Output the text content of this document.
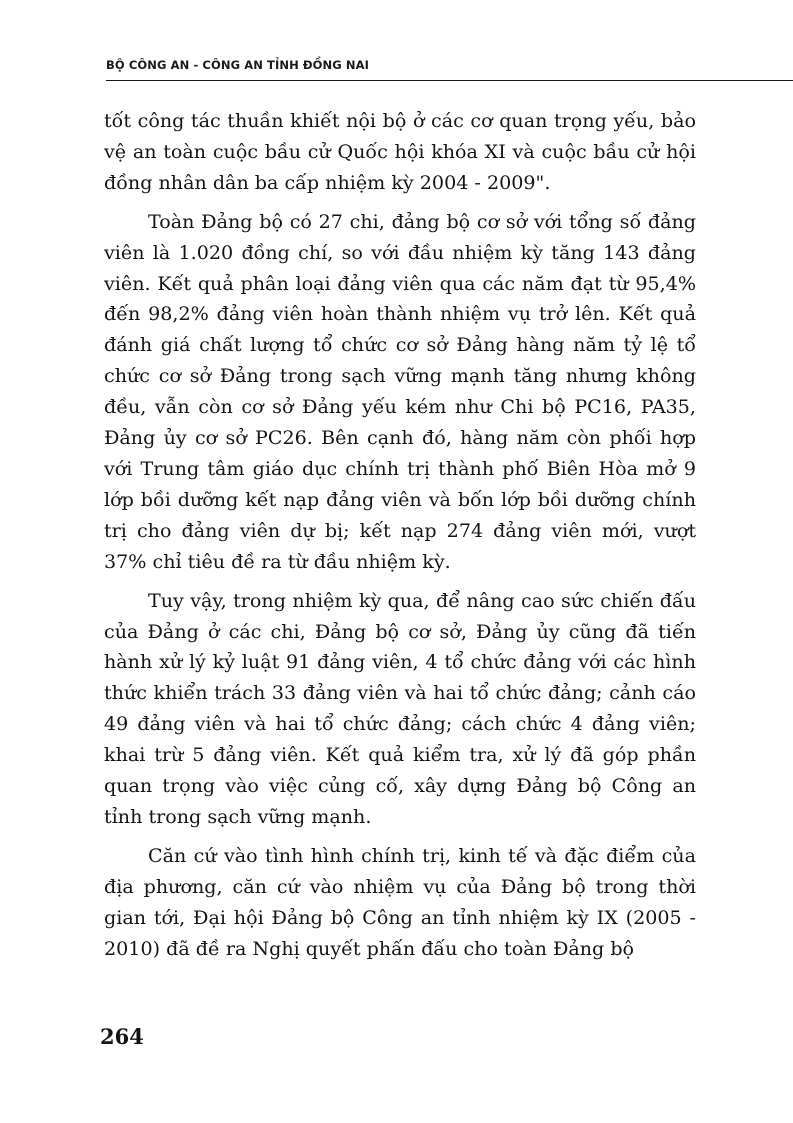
BỘ CÔNG AN - CÔNG AN TỈNH ĐỒNG NAI

tốt công tác thuần khiết nội bộ ở các cơ quan trọng yếu, bảo vệ an toàn cuộc bầu cử Quốc hội khóa XI và cuộc bầu cử hội đồng nhân dân ba cấp nhiệm kỳ 2004 - 2009".

Toàn Đảng bộ có 27 chi, đảng bộ cơ sở với tổng số đảng viên là 1.020 đồng chí, so với đầu nhiệm kỳ tăng 143 đảng viên. Kết quả phân loại đảng viên qua các năm đạt từ 95,4% đến 98,2% đảng viên hoàn thành nhiệm vụ trở lên. Kết quả đánh giá chất lượng tổ chức cơ sở Đảng hàng năm tỷ lệ tổ chức cơ sở Đảng trong sạch vững mạnh tăng nhưng không đều, vẫn còn cơ sở Đảng yếu kém như Chi bộ PC16, PA35, Đảng ủy cơ sở PC26. Bên cạnh đó, hàng năm còn phối hợp với Trung tâm giáo dục chính trị thành phố Biên Hòa mở 9 lớp bồi dưỡng kết nạp đảng viên và bốn lớp bồi dưỡng chính trị cho đảng viên dự bị; kết nạp 274 đảng viên mới, vượt 37% chỉ tiêu đề ra từ đầu nhiệm kỳ.

Tuy vậy, trong nhiệm kỳ qua, để nâng cao sức chiến đấu của Đảng ở các chi, Đảng bộ cơ sở, Đảng ủy cũng đã tiến hành xử lý kỷ luật 91 đảng viên, 4 tổ chức đảng với các hình thức khiển trách 33 đảng viên và hai tổ chức đảng; cảnh cáo 49 đảng viên và hai tổ chức đảng; cách chức 4 đảng viên; khai trừ 5 đảng viên. Kết quả kiểm tra, xử lý đã góp phần quan trọng vào việc củng cố, xây dựng Đảng bộ Công an tỉnh trong sạch vững mạnh.

Căn cứ vào tình hình chính trị, kinh tế và đặc điểm của địa phương, căn cứ vào nhiệm vụ của Đảng bộ trong thời gian tới, Đại hội Đảng bộ Công an tỉnh nhiệm kỳ IX (2005 - 2010) đã đề ra Nghị quyết phấn đấu cho toàn Đảng bộ

264
